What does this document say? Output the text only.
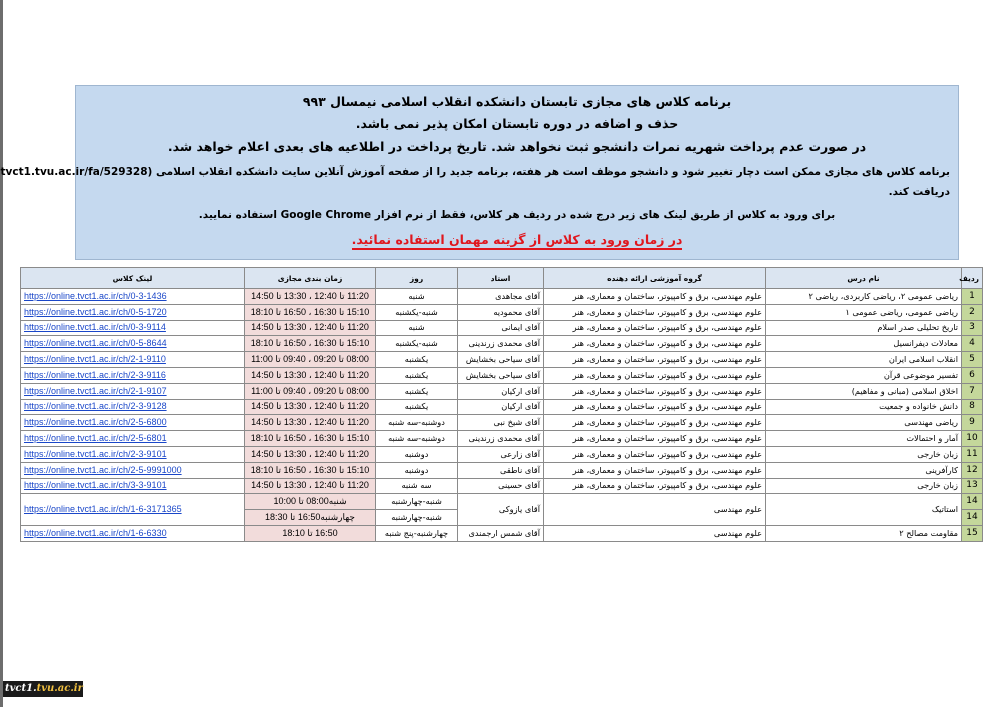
برنامه کلاس های مجازی تابستان دانشکده انقلاب اسلامی نیمسال ۹۹۳
حذف و اضافه در دوره تابستان امکان پذیر نمی باشد.
در صورت عدم پرداخت شهریه نمرات دانشجو ثبت نخواهد شد. تاریخ پرداخت در اطلاعیه های بعدی اعلام خواهد شد.
برنامه کلاس های مجازی ممکن است دچار تغییر شود و دانشجو موظف است هر هفته، برنامه جدید را از صفحه آموزش آنلاین سایت دانشکده انقلاب اسلامی (tvct1.tvu.ac.ir/fa/529328
دریافت کند.
برای ورود به کلاس از طریق لینک های زیر درج شده در ردیف هر کلاس، فقط از نرم افزار Google Chrome استفاده نمایید.
در زمان ورود به کلاس از گزینه مهمان استفاده نمائید.
ردیف	نام درس	گروه آموزشی ارائه دهنده	استاد	روز	زمان بندی مجازی	لینک کلاس
1	ریاضی عمومی ۲، ریاضی کاربردی، ریاضی ۲	علوم مهندسی، برق و کامپیوتر، ساختمان و معماری، هنر	آقای مجاهدی	شنبه	11:20 تا 12:40 ، 13:30 تا 14:50	https://online.tvct1.ac.ir/ch/0-3-1436
2	ریاضی عمومی، ریاضی عمومی ۱	علوم مهندسی، برق و کامپیوتر، ساختمان و معماری، هنر	آقای محمودیه	شنبه-یکشنبه	15:10 تا 16:30 ، 16:50 تا 18:10	https://online.tvct1.ac.ir/ch/0-5-1720
3	تاریخ تحلیلی صدر اسلام	علوم مهندسی، برق و کامپیوتر، ساختمان و معماری، هنر	آقای ایمانی	شنبه	11:20 تا 12:40 ، 13:30 تا 14:50	https://online.tvct1.ac.ir/ch/0-3-9114
4	معادلات دیفرانسیل	علوم مهندسی، برق و کامپیوتر، ساختمان و معماری، هنر	آقای محمدی زرندینی	شنبه-یکشنبه	15:10 تا 16:30 ، 16:50 تا 18:10	https://online.tvct1.ac.ir/ch/0-5-8644
5	انقلاب اسلامی ایران	علوم مهندسی، برق و کامپیوتر، ساختمان و معماری، هنر	آقای سیاحی بخشایش	یکشنبه	08:00 تا 09:20 ، 09:40 تا 11:00	https://online.tvct1.ac.ir/ch/2-1-9110
6	تفسیر موضوعی قرآن	علوم مهندسی، برق و کامپیوتر، ساختمان و معماری، هنر	آقای سیاحی بخشایش	یکشنبه	11:20 تا 12:40 ، 13:30 تا 14:50	https://online.tvct1.ac.ir/ch/2-3-9116
7	اخلاق اسلامی (مبانی و مفاهیم)	علوم مهندسی، برق و کامپیوتر، ساختمان و معماری، هنر	آقای ارکیان	یکشنبه	08:00 تا 09:20 ، 09:40 تا 11:00	https://online.tvct1.ac.ir/ch/2-1-9107
8	دانش خانواده و جمعیت	علوم مهندسی، برق و کامپیوتر، ساختمان و معماری، هنر	آقای ارکیان	یکشنبه	11:20 تا 12:40 ، 13:30 تا 14:50	https://online.tvct1.ac.ir/ch/2-3-9128
9	ریاضی مهندسی	علوم مهندسی، برق و کامپیوتر، ساختمان و معماری، هنر	آقای شیخ نبی	دوشنبه-سه شنبه	11:20 تا 12:40 ، 13:30 تا 14:50	https://online.tvct1.ac.ir/ch/2-5-6800
10	آمار و احتمالات	علوم مهندسی، برق و کامپیوتر، ساختمان و معماری، هنر	آقای محمدی زرندینی	دوشنبه-سه شنبه	15:10 تا 16:30 ، 16:50 تا 18:10	https://online.tvct1.ac.ir/ch/2-5-6801
11	زبان خارجی	علوم مهندسی، برق و کامپیوتر، ساختمان و معماری، هنر	آقای زارعی	دوشنبه	11:20 تا 12:40 ، 13:30 تا 14:50	https://online.tvct1.ac.ir/ch/2-3-9101
12	کارآفرینی	علوم مهندسی، برق و کامپیوتر، ساختمان و معماری، هنر	آقای ناطقی	دوشنبه	15:10 تا 16:30 ، 16:50 تا 18:10	https://online.tvct1.ac.ir/ch/2-5-9991000
13	زبان خارجی	علوم مهندسی، برق و کامپیوتر، ساختمان و معماری، هنر	آقای حسینی	سه شنبه	11:20 تا 12:40 ، 13:30 تا 14:50	https://online.tvct1.ac.ir/ch/3-3-9101
14	استاتیک	علوم مهندسی	آقای یازوکی	شنبه-چهارشنبه	شنبه08:00 تا 10:00	https://online.tvct1.ac.ir/ch/1-6-3171365
14				شنبه-چهارشنبه	چهارشنبه16:50 تا 18:30	
15	مقاومت مصالح ۲	علوم مهندسی	آقای شمس ارجمندی	چهارشنبه-پنج شنبه	16:50 تا 18:10	https://online.tvct1.ac.ir/ch/1-6-6330
tvct1.tvu.ac.ir
